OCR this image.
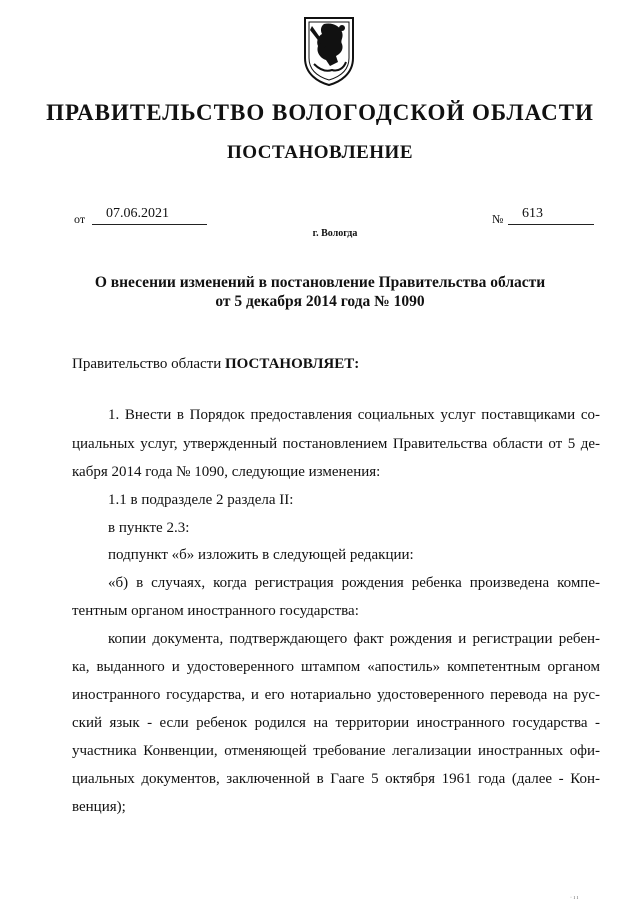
ПРАВИТЕЛЬСТВО ВОЛОГОДСКОЙ ОБЛАСТИ
ПОСТАНОВЛЕНИЕ
от 07.06.2021	№ 613
г. Вологда
О внесении изменений в постановление Правительства области
от 5 декабря 2014 года № 1090
Правительство области ПОСТАНОВЛЯЕТ:
1. Внести в Порядок предоставления социальных услуг поставщиками со-
циальных услуг, утвержденный постановлением Правительства области от 5 де-
кабря 2014 года № 1090, следующие изменения:
1.1 в подразделе 2 раздела II:
в пункте 2.3:
подпункт «б» изложить в следующей редакции:
«б) в случаях, когда регистрация рождения ребенка произведена компе-
тентным органом иностранного государства:
копии документа, подтверждающего факт рождения и регистрации ребен-
ка, выданного и удостоверенного штампом «апостиль» компетентным органом
иностранного государства, и его нотариально удостоверенного перевода на рус-
ский язык - если ребенок родился на территории иностранного государства -
участника Конвенции, отменяющей требование легализации иностранных офи-
циальных документов, заключенной в Гааге 5 октября 1961 года (далее - Кон-
венция);
· ı ı
